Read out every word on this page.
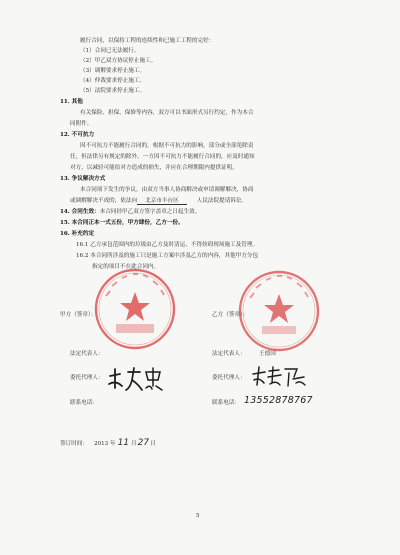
履行合同，以保持工程的连续性和已施工工程的完好：
（1）合同已无法履行。
（2）甲乙双方协议停止施工。
（3）调解要求停止施工。
（4）仲裁要求停止施工。
（5）法院要求停止施工。
11. 其他
有关保险、担保、保修等内容，双方可以书面形式另行约定，作为本合
同附件。
12. 不可抗力
因不可抗力不能履行合同的，根据不可抗力的影响，部分或全部免除责
任，但法律另有规定的除外。一方因不可抗力不能履行合同的，应及时通知
对方，以减轻可能给对方造成的损失，并应在合理期限内提供证明。
13. 争议解决方式
本合同项下发生的争议，由双方当事人协商解决或申请调解解决，协商
或调解解决不成的，依法向 北京市丰台区	人民法院提请诉讼。
14. 合同生效：本合同经甲乙双方签字盖章之日起生效。
15. 本合同正本一式五份，甲方肆份，乙方一份。
16. 补充约定
16.1 乙方承包范围内的垃圾由乙方及时清运，不得妨碍现场施工及管理。
16.2 本合同所涉及的施工只是施工方案中涉及乙方的内容，其他甲方分包
指定的项目不在此合同内。
甲方（签章）：	乙方（签章）：
法定代表人：	法定代表人： 王德国
委托代理人：	委托代理人：
联系电话：	联系电话： 13552878767
签订时间： 2013 年 11 月27日
5
